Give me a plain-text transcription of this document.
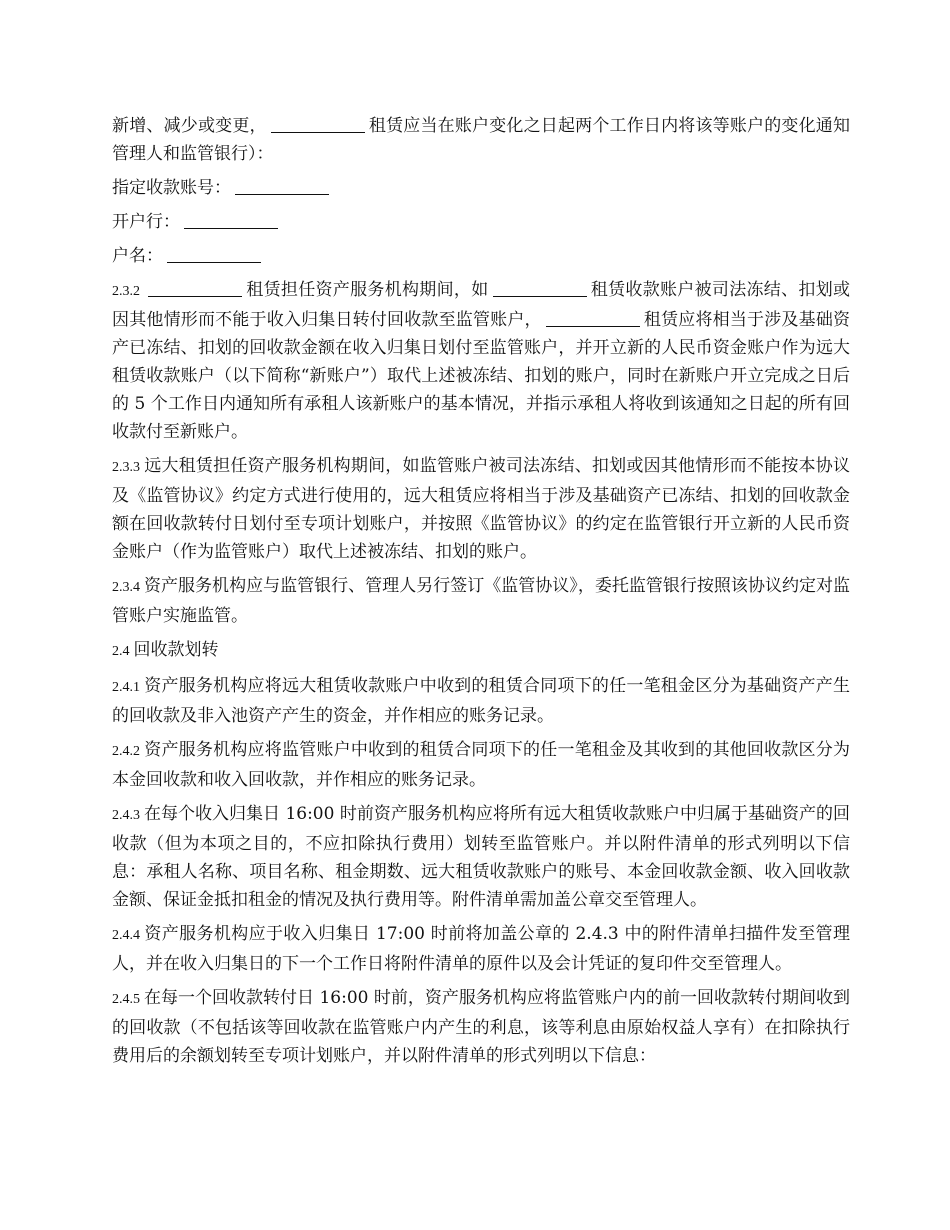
新增、减少或变更，	租赁应当在账户变化之日起两个工作日内将该等账户的变化通知管理人和监管银行）：

指定收款账号：

开户行：

户名：

2.3.2	租赁担任资产服务机构期间，如	租赁收款账户被司法冻结、扣划或因其他情形而不能于收入归集日转付回收款至监管账户，	租赁应将相当于涉及基础资产已冻结、扣划的回收款金额在收入归集日划付至监管账户，并开立新的人民币资金账户作为远大租赁收款账户（以下简称“新账户”）取代上述被冻结、扣划的账户，同时在新账户开立完成之日后的 5 个工作日内通知所有承租人该新账户的基本情况，并指示承租人将收到该通知之日起的所有回收款付至新账户。

2.3.3 远大租赁担任资产服务机构期间，如监管账户被司法冻结、扣划或因其他情形而不能按本协议及《监管协议》约定方式进行使用的，远大租赁应将相当于涉及基础资产已冻结、扣划的回收款金额在回收款转付日划付至专项计划账户，并按照《监管协议》的约定在监管银行开立新的人民币资金账户（作为监管账户）取代上述被冻结、扣划的账户。

2.3.4 资产服务机构应与监管银行、管理人另行签订《监管协议》，委托监管银行按照该协议约定对监管账户实施监管。

2.4 回收款划转

2.4.1 资产服务机构应将远大租赁收款账户中收到的租赁合同项下的任一笔租金区分为基础资产产生的回收款及非入池资产产生的资金，并作相应的账务记录。

2.4.2 资产服务机构应将监管账户中收到的租赁合同项下的任一笔租金及其收到的其他回收款区分为本金回收款和收入回收款，并作相应的账务记录。

2.4.3 在每个收入归集日 16:00 时前资产服务机构应将所有远大租赁收款账户中归属于基础资产的回收款（但为本项之目的，不应扣除执行费用）划转至监管账户。并以附件清单的形式列明以下信息：承租人名称、项目名称、租金期数、远大租赁收款账户的账号、本金回收款金额、收入回收款金额、保证金抵扣租金的情况及执行费用等。附件清单需加盖公章交至管理人。

2.4.4 资产服务机构应于收入归集日 17:00 时前将加盖公章的 2.4.3 中的附件清单扫描件发至管理人，并在收入归集日的下一个工作日将附件清单的原件以及会计凭证的复印件交至管理人。

2.4.5 在每一个回收款转付日 16:00 时前，资产服务机构应将监管账户内的前一回收款转付期间收到的回收款（不包括该等回收款在监管账户内产生的利息，该等利息由原始权益人享有）在扣除执行费用后的余额划转至专项计划账户，并以附件清单的形式列明以下信息：
